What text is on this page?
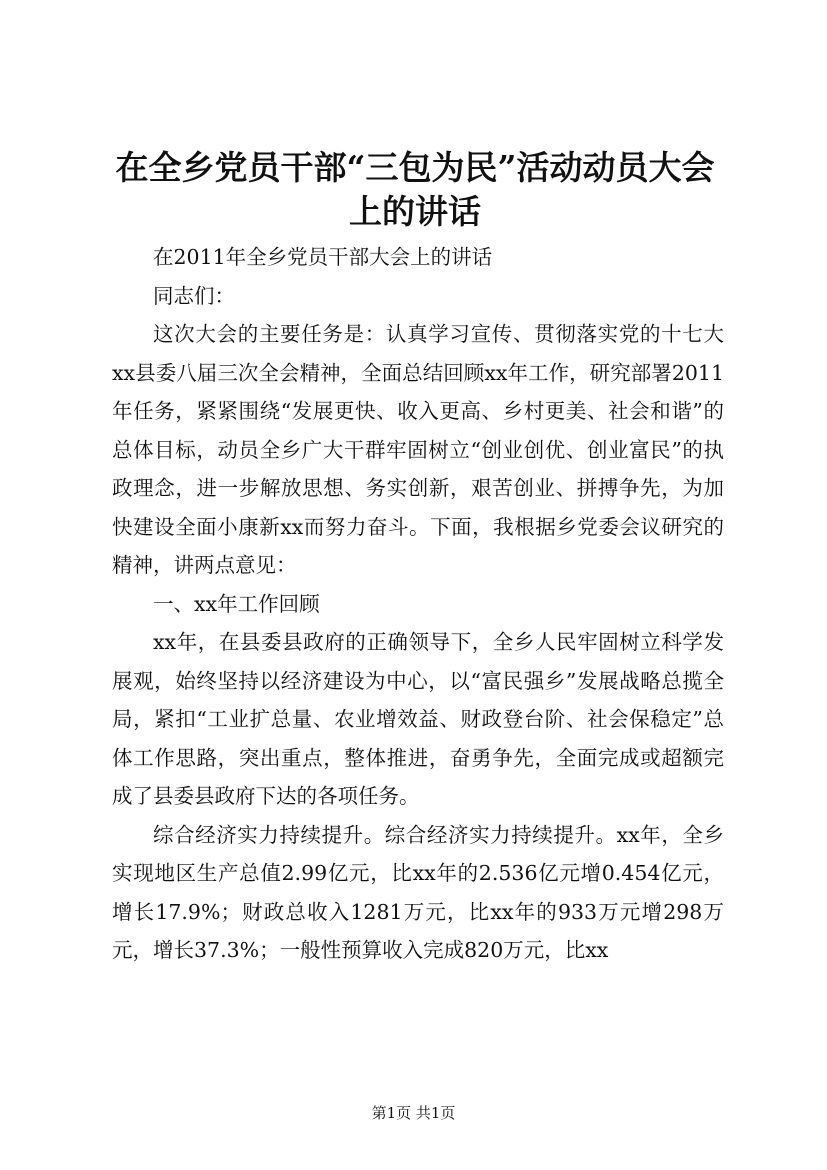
在全乡党员干部“三包为民”活动动员大会上的讲话

在2011年全乡党员干部大会上的讲话

同志们：

这次大会的主要任务是：认真学习宣传、贯彻落实党的十七大xx县委八届三次全会精神，全面总结回顾xx年工作，研究部署2011年任务，紧紧围绕“发展更快、收入更高、乡村更美、社会和谐”的总体目标，动员全乡广大干群牢固树立“创业创优、创业富民”的执政理念，进一步解放思想、务实创新，艰苦创业、拼搏争先，为加快建设全面小康新xx而努力奋斗。下面，我根据乡党委会议研究的精神，讲两点意见：

一、xx年工作回顾

xx年，在县委县政府的正确领导下，全乡人民牢固树立科学发展观，始终坚持以经济建设为中心，以“富民强乡”发展战略总揽全局，紧扣“工业扩总量、农业增效益、财政登台阶、社会保稳定”总体工作思路，突出重点，整体推进，奋勇争先，全面完成或超额完成了县委县政府下达的各项任务。

综合经济实力持续提升。综合经济实力持续提升。xx年，全乡实现地区生产总值2.99亿元，比xx年的2.536亿元增0.454亿元，增长17.9%；财政总收入1281万元，比xx年的933万元增298万元，增长37.3%；一般性预算收入完成820万元，比xx

第1页 共1页
